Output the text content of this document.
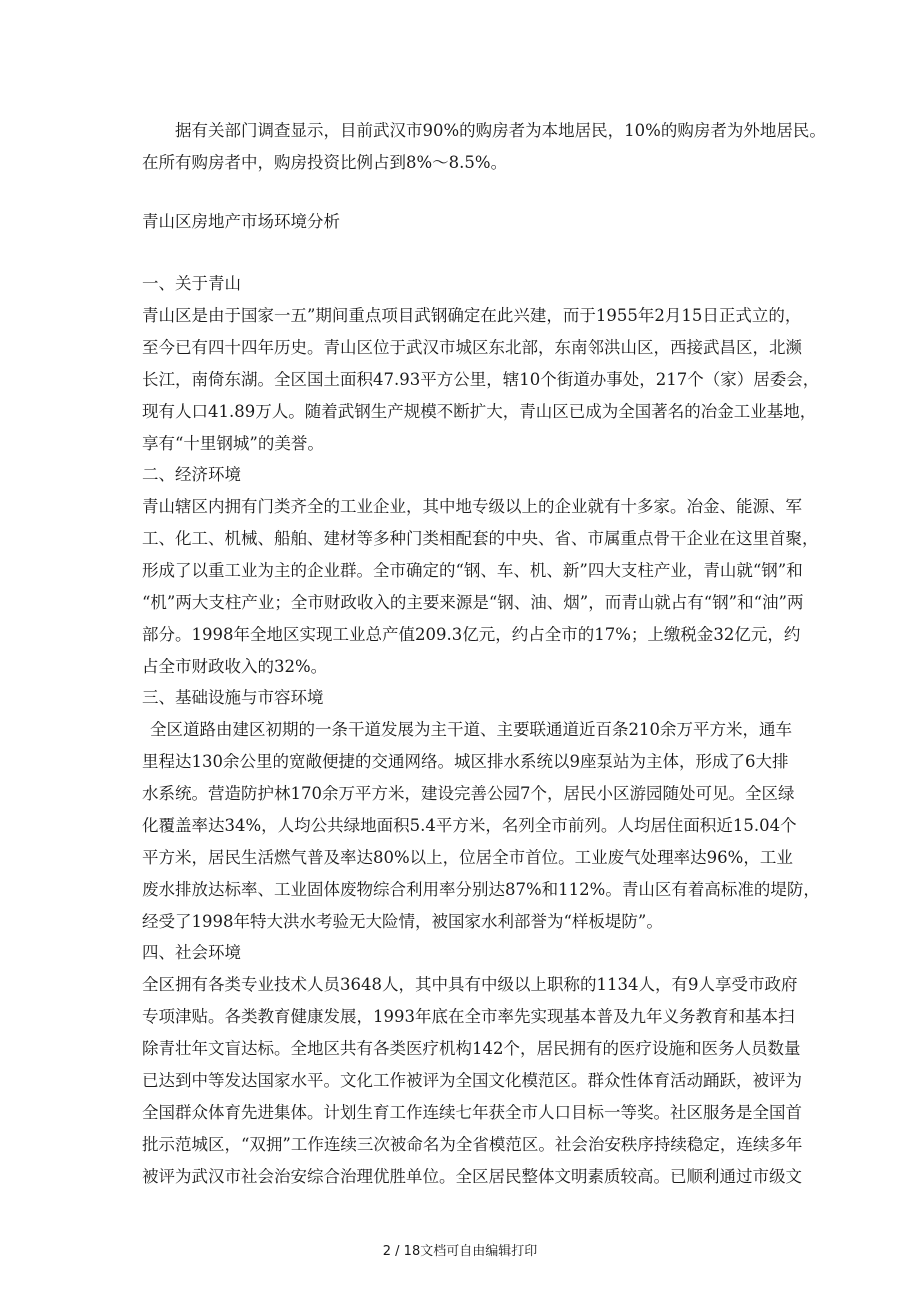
据有关部门调查显示，目前武汉市90%的购房者为本地居民，10%的购房者为外地居民。
在所有购房者中，购房投资比例占到8%～8.5%。
青山区房地产市场环境分析
一、关于青山
青山区是由于国家一五”期间重点项目武钢确定在此兴建，而于1955年2月15日正式立的，
至今已有四十四年历史。青山区位于武汉市城区东北部，东南邻洪山区，西接武昌区，北濒
长江，南倚东湖。全区国土面积47.93平方公里，辖10个街道办事处，217个（家）居委会，
现有人口41.89万人。随着武钢生产规模不断扩大，青山区已成为全国著名的冶金工业基地，
享有“十里钢城”的美誉。
二、经济环境
青山辖区内拥有门类齐全的工业企业，其中地专级以上的企业就有十多家。冶金、能源、军
工、化工、机械、船舶、建材等多种门类相配套的中央、省、市属重点骨干企业在这里首聚，
形成了以重工业为主的企业群。全市确定的“钢、车、机、新”四大支柱产业，青山就“钢”和
“机”两大支柱产业；全市财政收入的主要来源是“钢、油、烟”，而青山就占有“钢”和“油”两
部分。1998年全地区实现工业总产值209.3亿元，约占全市的17%；上缴税金32亿元，约
占全市财政收入的32%。
三、基础设施与市容环境
全区道路由建区初期的一条干道发展为主干道、主要联通道近百条210余万平方米，通车
里程达130余公里的宽敞便捷的交通网络。城区排水系统以9座泵站为主体，形成了6大排
水系统。营造防护林170余万平方米，建设完善公园7个，居民小区游园随处可见。全区绿
化覆盖率达34%，人均公共绿地面积5.4平方米，名列全市前列。人均居住面积近15.04个
平方米，居民生活燃气普及率达80%以上，位居全市首位。工业废气处理率达96%，工业
废水排放达标率、工业固体废物综合利用率分别达87%和112%。青山区有着高标准的堤防，
经受了1998年特大洪水考验无大险情，被国家水利部誉为“样板堤防”。
四、社会环境
全区拥有各类专业技术人员3648人，其中具有中级以上职称的1134人，有9人享受市政府
专项津贴。各类教育健康发展，1993年底在全市率先实现基本普及九年义务教育和基本扫
除青壮年文盲达标。全地区共有各类医疗机构142个，居民拥有的医疗设施和医务人员数量
已达到中等发达国家水平。文化工作被评为全国文化模范区。群众性体育活动踊跃，被评为
全国群众体育先进集体。计划生育工作连续七年获全市人口目标一等奖。社区服务是全国首
批示范城区，“双拥”工作连续三次被命名为全省模范区。社会治安秩序持续稳定，连续多年
被评为武汉市社会治安综合治理优胜单位。全区居民整体文明素质较高。已顺利通过市级文
2 / 18文档可自由编辑打印
